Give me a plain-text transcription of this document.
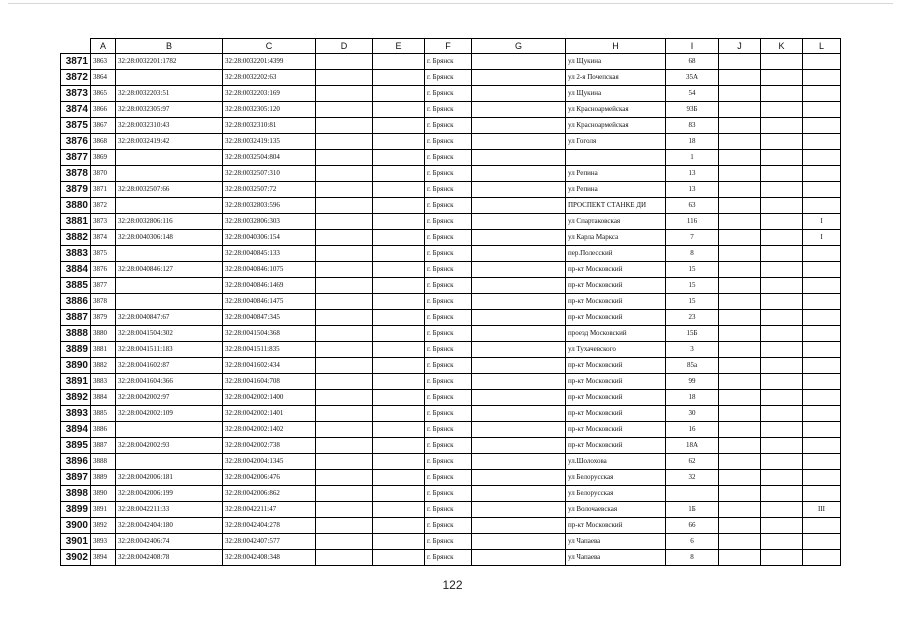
	A	B	C	D	E	F	G	H	I	J	K	L
3871	3863	32:28:0032201:1782	32:28:0032201:4399			г. Брянск		ул Щукина	68			
3872	3864		32:28:0032202:63			г. Брянск		ул 2-я Почепская	35А			
3873	3865	32:28:0032203:51	32:28:0032203:169			г. Брянск		ул Щукина	54			
3874	3866	32:28:0032305:97	32:28:0032305:120			г. Брянск		ул Красноармейская	93Б			
3875	3867	32:28:0032310:43	32:28:0032310:81			г. Брянск		ул Красноармейская	83			
3876	3868	32:28:0032419:42	32:28:0032419:135			г. Брянск		ул Гоголя	18			
3877	3869		32:28:0032504:804			г. Брянск			1			
3878	3870		32:28:0032507:310			г. Брянск		ул Репина	13			
3879	3871	32:28:0032507:66	32:28:0032507:72			г. Брянск		ул Репина	13			
3880	3872		32:28:0032803:596			г. Брянск		ПРОСПЕКТ СТАНКЕ ДИ	63			
3881	3873	32:28:0032806:116	32:28:0032806:303			г. Брянск		ул Спартаковская	116			I
3882	3874	32:28:0040306:148	32:28:0040306:154			г. Брянск		ул Карла Маркса	7			I
3883	3875		32:28:0040845:133			г. Брянск		пер.Полесский	8			
3884	3876	32:28:0040846:127	32:28:0040846:1075			г. Брянск		пр-кт Московский	15			
3885	3877		32:28:0040846:1469			г. Брянск		пр-кт Московский	15			
3886	3878		32:28:0040846:1475			г. Брянск		пр-кт Московский	15			
3887	3879	32:28:0040847:67	32:28:0040847:345			г. Брянск		пр-кт Московский	23			
3888	3880	32:28:0041504:302	32:28:0041504:368			г. Брянск		проезд Московский	15Б			
3889	3881	32:28:0041511:183	32:28:0041511:835			г. Брянск		ул Тухачевского	3			
3890	3882	32:28:0041602:87	32:28:0041602:434			г. Брянск		пр-кт Московский	85а			
3891	3883	32:28:0041604:366	32:28:0041604:708			г. Брянск		пр-кт Московский	99			
3892	3884	32:28:0042002:97	32:28:0042002:1400			г. Брянск		пр-кт Московский	18			
3893	3885	32:28:0042002:109	32:28:0042002:1401			г. Брянск		пр-кт Московский	30			
3894	3886		32:28:0042002:1402			г. Брянск		пр-кт Московский	16			
3895	3887	32:28:0042002:93	32:28:0042002:738			г. Брянск		пр-кт Московский	18А			
3896	3888		32:28:0042004:1345			г. Брянск		ул.Шолохова	62			
3897	3889	32:28:0042006:181	32:28:0042006:476			г. Брянск		ул Белорусская	32			
3898	3890	32:28:0042006:199	32:28:0042006:862			г. Брянск		ул Белорусская				
3899	3891	32:28:0042211:33	32:28:0042211:47			г. Брянск		ул Волочаевская	1Б			III
3900	3892	32:28:0042404:180	32:28:0042404:278			г. Брянск		пр-кт Московский	66			
3901	3893	32:28:0042406:74	32:28:0042407:577			г. Брянск		ул Чапаева	6			
3902	3894	32:28:0042408:78	32:28:0042408:348			г. Брянск		ул Чапаева	8			
122
